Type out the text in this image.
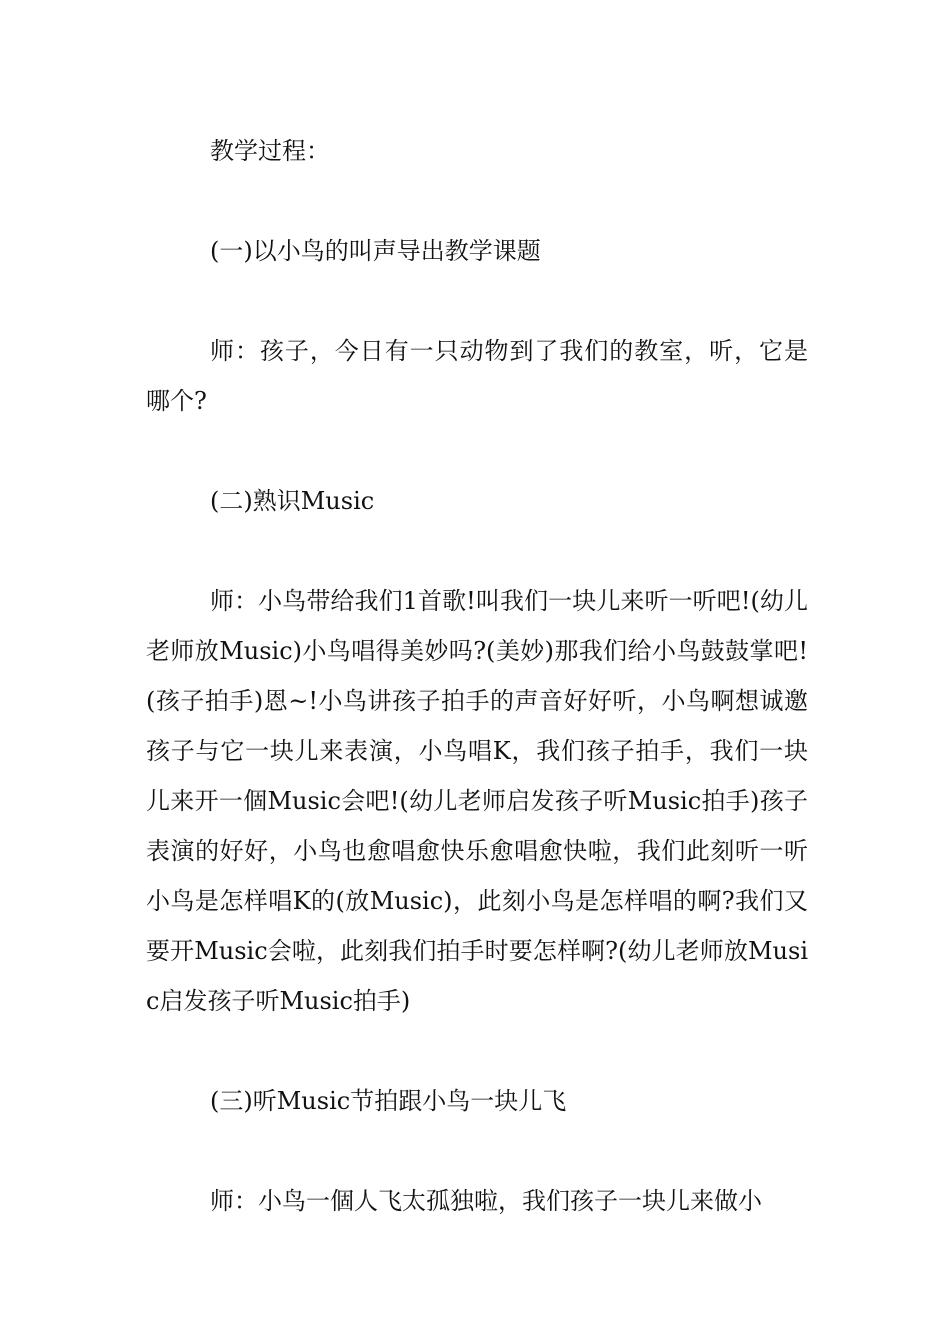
教学过程：

(一)以小鸟的叫声导出教学课题

师：孩子，今日有一只动物到了我们的教室，听，它是哪个?

(二)熟识Music

师：小鸟带给我们1首歌!叫我们一块儿来听一听吧!(幼儿老师放Music)小鸟唱得美妙吗?(美妙)那我们给小鸟鼓鼓掌吧!(孩子拍手)恩~!小鸟讲孩子拍手的声音好好听，小鸟啊想诚邀孩子与它一块儿来表演，小鸟唱K，我们孩子拍手，我们一块儿来开一個Music会吧!(幼儿老师启发孩子听Music拍手)孩子表演的好好，小鸟也愈唱愈快乐愈唱愈快啦，我们此刻听一听小鸟是怎样唱K的(放Music)，此刻小鸟是怎样唱的啊?我们又要开Music会啦，此刻我们拍手时要怎样啊?(幼儿老师放Music启发孩子听Music拍手)

(三)听Music节拍跟小鸟一块儿飞

师：小鸟一個人飞太孤独啦，我们孩子一块儿来做小
